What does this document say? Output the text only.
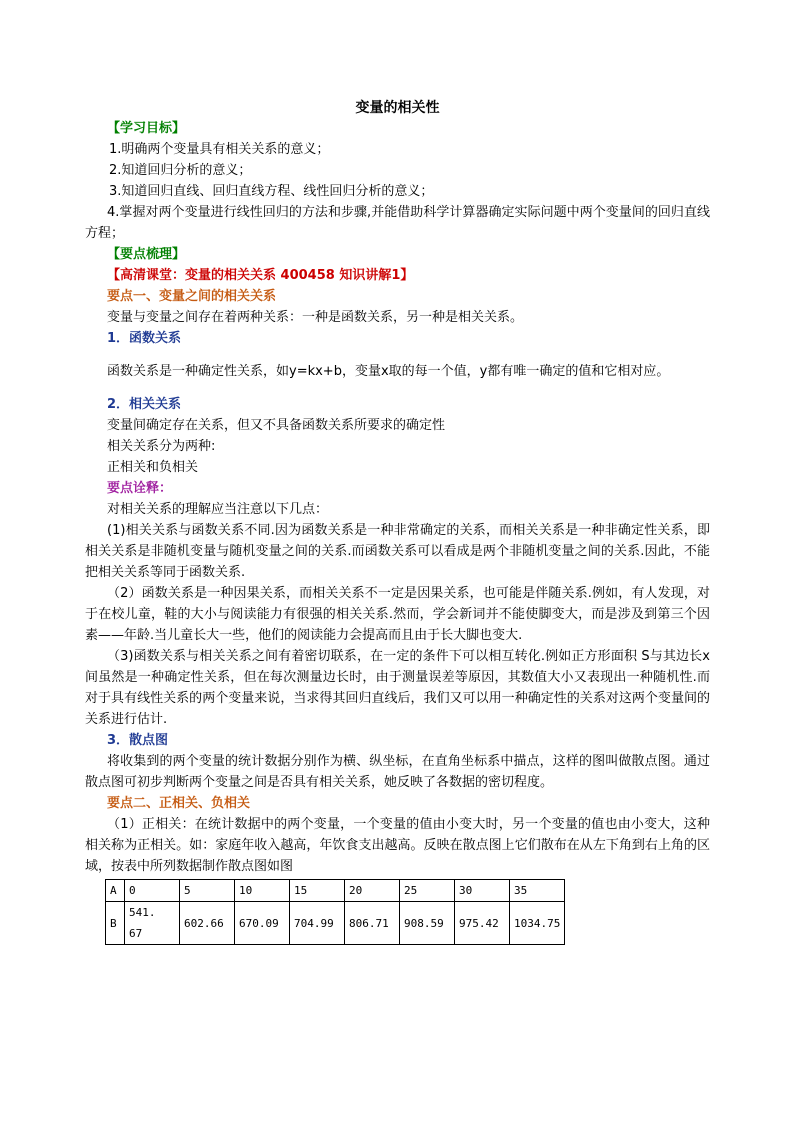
变量的相关性
【学习目标】
1.明确两个变量具有相关关系的意义；
2.知道回归分析的意义；
3.知道回归直线、回归直线方程、线性回归分析的意义；
4.掌握对两个变量进行线性回归的方法和步骤,并能借助科学计算器确定实际问题中两个变量间的回归直线方程；
【要点梳理】
【高清课堂：变量的相关关系 400458 知识讲解1】
要点一、变量之间的相关关系
变量与变量之间存在着两种关系：一种是函数关系，另一种是相关关系。
1．函数关系
函数关系是一种确定性关系，如y=kx+b，变量x取的每一个值，y都有唯一确定的值和它相对应。
2．相关关系
变量间确定存在关系，但又不具备函数关系所要求的确定性
相关关系分为两种:
正相关和负相关
要点诠释：
对相关关系的理解应当注意以下几点：
(1)相关关系与函数关系不同.因为函数关系是一种非常确定的关系，而相关关系是一种非确定性关系，即相关关系是非随机变量与随机变量之间的关系.而函数关系可以看成是两个非随机变量之间的关系.因此，不能把相关关系等同于函数关系.
（2）函数关系是一种因果关系，而相关关系不一定是因果关系，也可能是伴随关系.例如，有人发现，对于在校儿童，鞋的大小与阅读能力有很强的相关关系.然而，学会新词并不能使脚变大，而是涉及到第三个因素——年龄.当儿童长大一些，他们的阅读能力会提高而且由于长大脚也变大.
（3)函数关系与相关关系之间有着密切联系，在一定的条件下可以相互转化.例如正方形面积 S与其边长x间虽然是一种确定性关系，但在每次测量边长时，由于测量误差等原因，其数值大小又表现出一种随机性.而对于具有线性关系的两个变量来说，当求得其回归直线后，我们又可以用一种确定性的关系对这两个变量间的关系进行估计.
3．散点图
将收集到的两个变量的统计数据分别作为横、纵坐标，在直角坐标系中描点，这样的图叫做散点图。通过散点图可初步判断两个变量之间是否具有相关关系，她反映了各数据的密切程度。
要点二、正相关、负相关
（1）正相关：在统计数据中的两个变量，一个变量的值由小变大时，另一个变量的值也由小变大，这种相关称为正相关。如：家庭年收入越高，年饮食支出越高。反映在散点图上它们散布在从左下角到右上角的区域，按表中所列数据制作散点图如图
A	0	5	10	15	20	25	30	35
B	541. 67	602.66	670.09	704.99	806.71	908.59	975.42	1034.75
